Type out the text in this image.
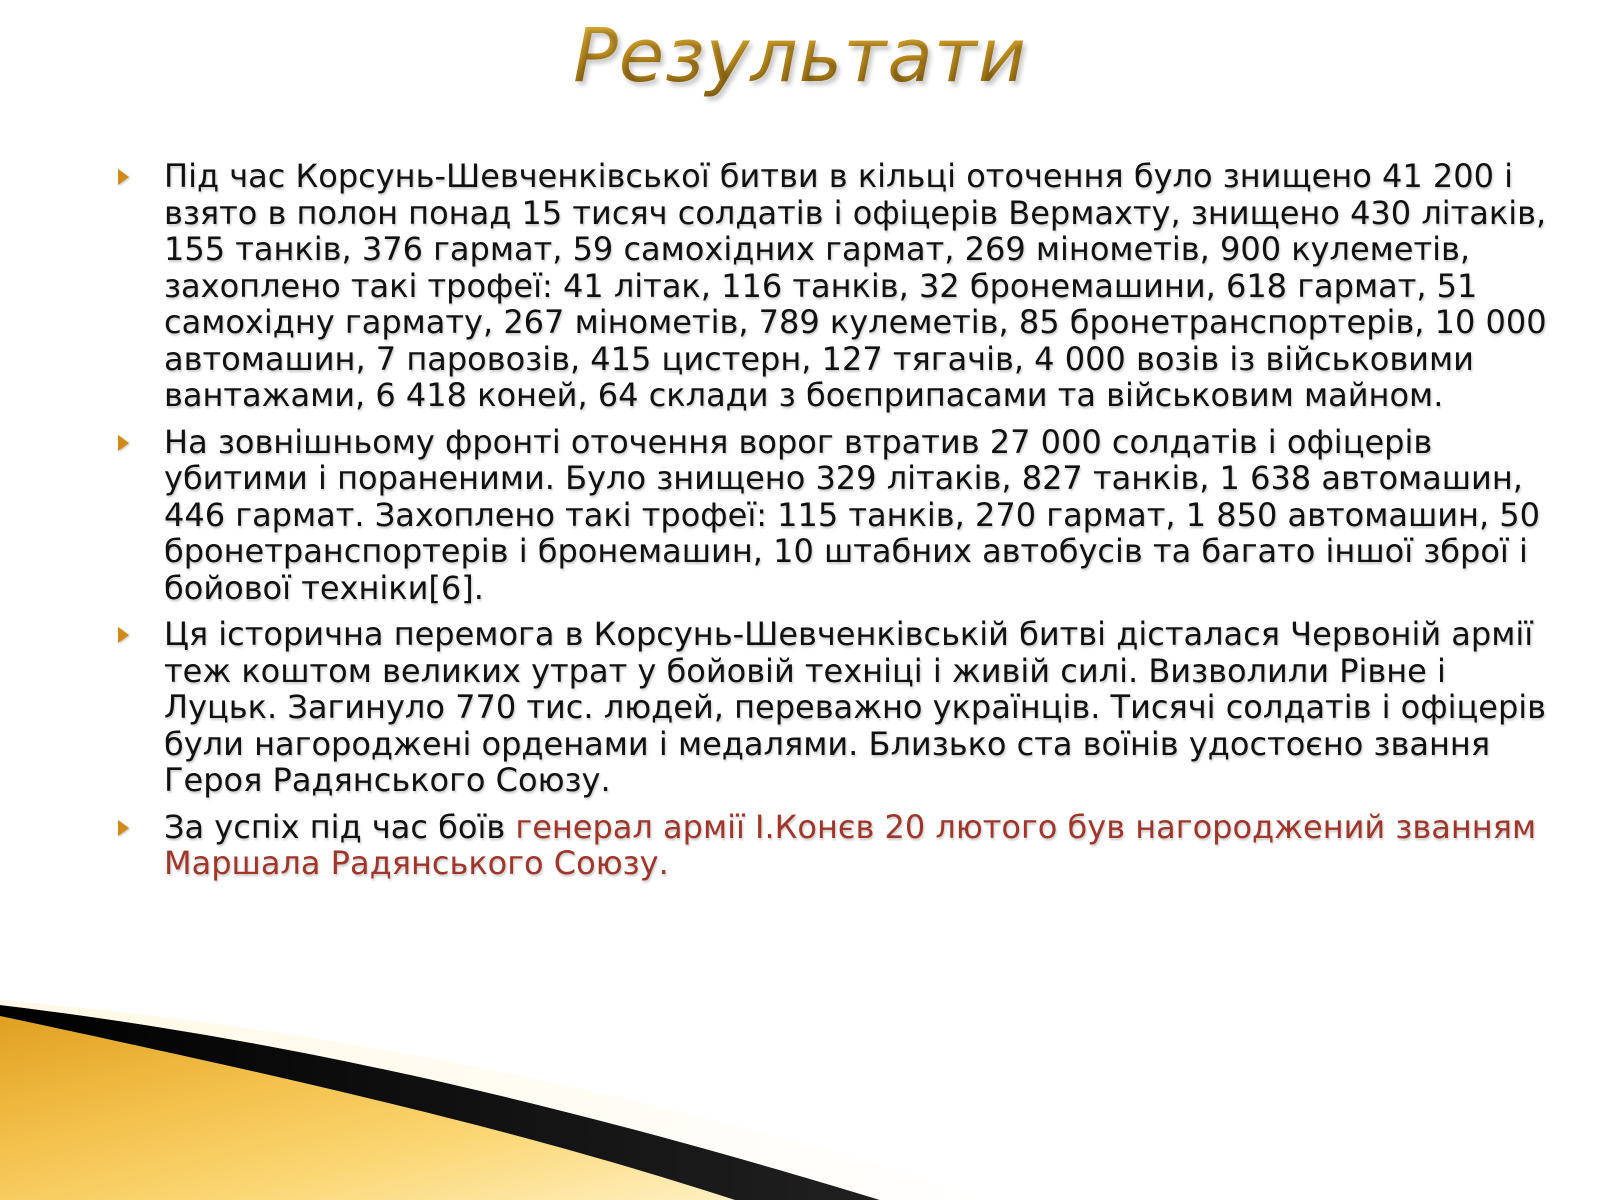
Результати
Під час Корсунь-Шевченківської битви в кільці оточення було знищено 41 200 і взято в полон понад 15 тисяч солдатів і офіцерів Вермахту, знищено 430 літаків, 155 танків, 376 гармат, 59 самохідних гармат, 269 мінометів, 900 кулеметів, захоплено такі трофеї: 41 літак, 116 танків, 32 бронемашини, 618 гармат, 51 самохідну гармату, 267 мінометів, 789 кулеметів, 85 бронетранспортерів, 10 000 автомашин, 7 паровозів, 415 цистерн, 127 тягачів, 4 000 возів із військовими вантажами, 6 418 коней, 64 склади з боєприпасами та військовим майном.
На зовнішньому фронті оточення ворог втратив 27 000 солдатів і офіцерів убитими і пораненими. Було знищено 329 літаків, 827 танків, 1 638 автомашин, 446 гармат. Захоплено такі трофеї: 115 танків, 270 гармат, 1 850 автомашин, 50 бронетранспортерів і бронемашин, 10 штабних автобусів та багато іншої зброї і бойової техніки[6].
Ця історична перемога в Корсунь-Шевченківській битві дісталася Червоній армії теж коштом великих утрат у бойовій техніці і живій силі. Визволили Рівне і Луцьк. Загинуло 770 тис. людей, переважно українців. Тисячі солдатів і офіцерів були нагороджені орденами і медалями. Близько ста воїнів удостоєно звання Героя Радянського Союзу.
За успіх під час боїв генерал армії І.Конєв 20 лютого був нагороджений званням Маршала Радянського Союзу.
